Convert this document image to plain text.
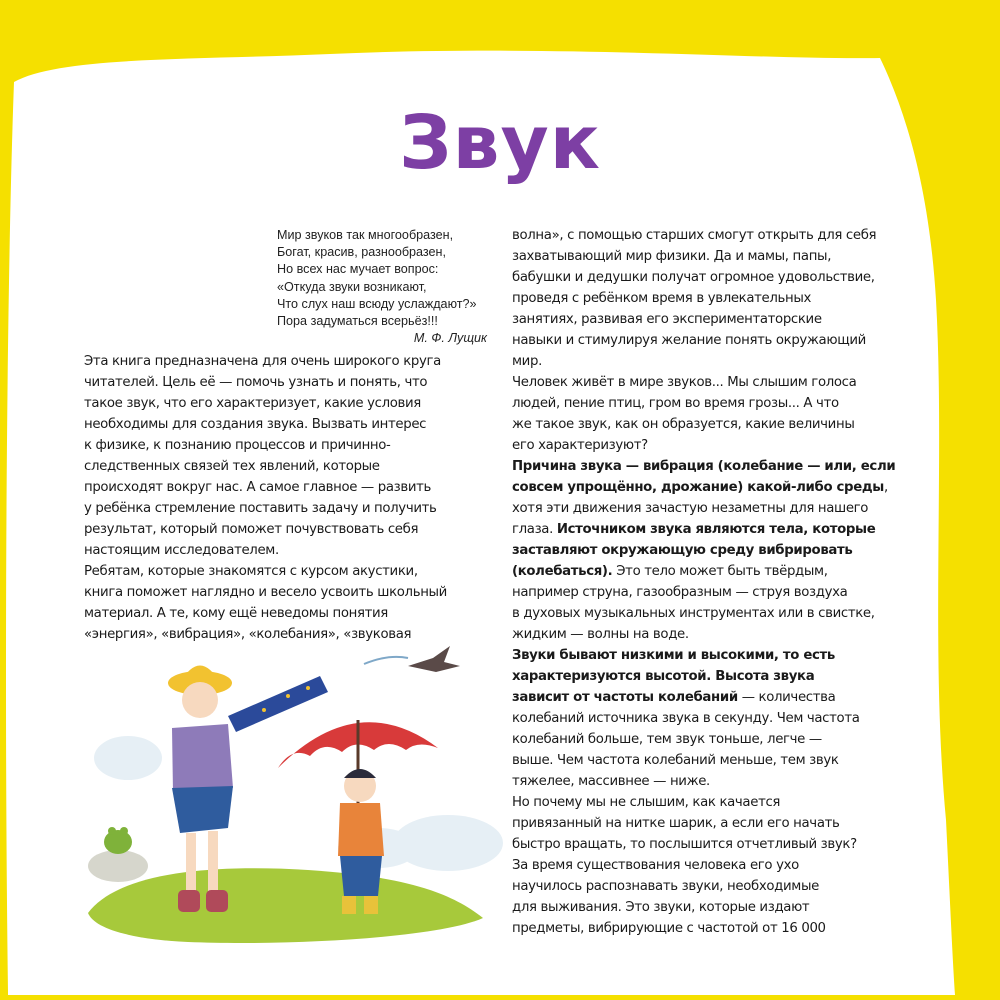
Звук
Мир звуков так многообразен,
Богат, красив, разнообразен,
Но всех нас мучает вопрос:
«Откуда звуки возникают,
Что слух наш всюду услаждают?»
Пора задуматься всерьёз!!!
М. Ф. Лущик
Эта книга предназначена для очень широкого круга
читателей. Цель её — помочь узнать и понять, что
такое звук, что его характеризует, какие условия
необходимы для создания звука. Вызвать интерес
к физике, к познанию процессов и причинно-
следственных связей тех явлений, которые
происходят вокруг нас. А самое главное — развить
у ребёнка стремление поставить задачу и получить
результат, который поможет почувствовать себя
настоящим исследователем.
Ребятам, которые знакомятся с курсом акустики,
книга поможет наглядно и весело усвоить школьный
материал. А те, кому ещё неведомы понятия
«энергия», «вибрация», «колебания», «звуковая
волна», с помощью старших смогут открыть для себя
захватывающий мир физики. Да и мамы, папы,
бабушки и дедушки получат огромное удовольствие,
проведя с ребёнком время в увлекательных
занятиях, развивая его экспериментаторские
навыки и стимулируя желание понять окружающий
мир.
Человек живёт в мире звуков... Мы слышим голоса
людей, пение птиц, гром во время грозы... А что
же такое звук, как он образуется, какие величины
его характеризуют?
Причина звука — вибрация (колебание — или, если
совсем упрощённо, дрожание) какой-либо среды,
хотя эти движения зачастую незаметны для нашего
глаза. Источником звука являются тела, которые
заставляют окружающую среду вибрировать
(колебаться). Это тело может быть твёрдым,
например струна, газообразным — струя воздуха
в духовых музыкальных инструментах или в свистке,
жидким — волны на воде.
Звуки бывают низкими и высокими, то есть
характеризуются высотой. Высота звука
зависит от частоты колебаний — количества
колебаний источника звука в секунду. Чем частота
колебаний больше, тем звук тоньше, легче —
выше. Чем частота колебаний меньше, тем звук
тяжелее, массивнее — ниже.
Но почему мы не слышим, как качается
привязанный на нитке шарик, а если его начать
быстро вращать, то послышится отчетливый звук?
За время существования человека его ухо
научилось распознавать звуки, необходимые
для выживания. Это звуки, которые издают
предметы, вибрирующие с частотой от 16 000
